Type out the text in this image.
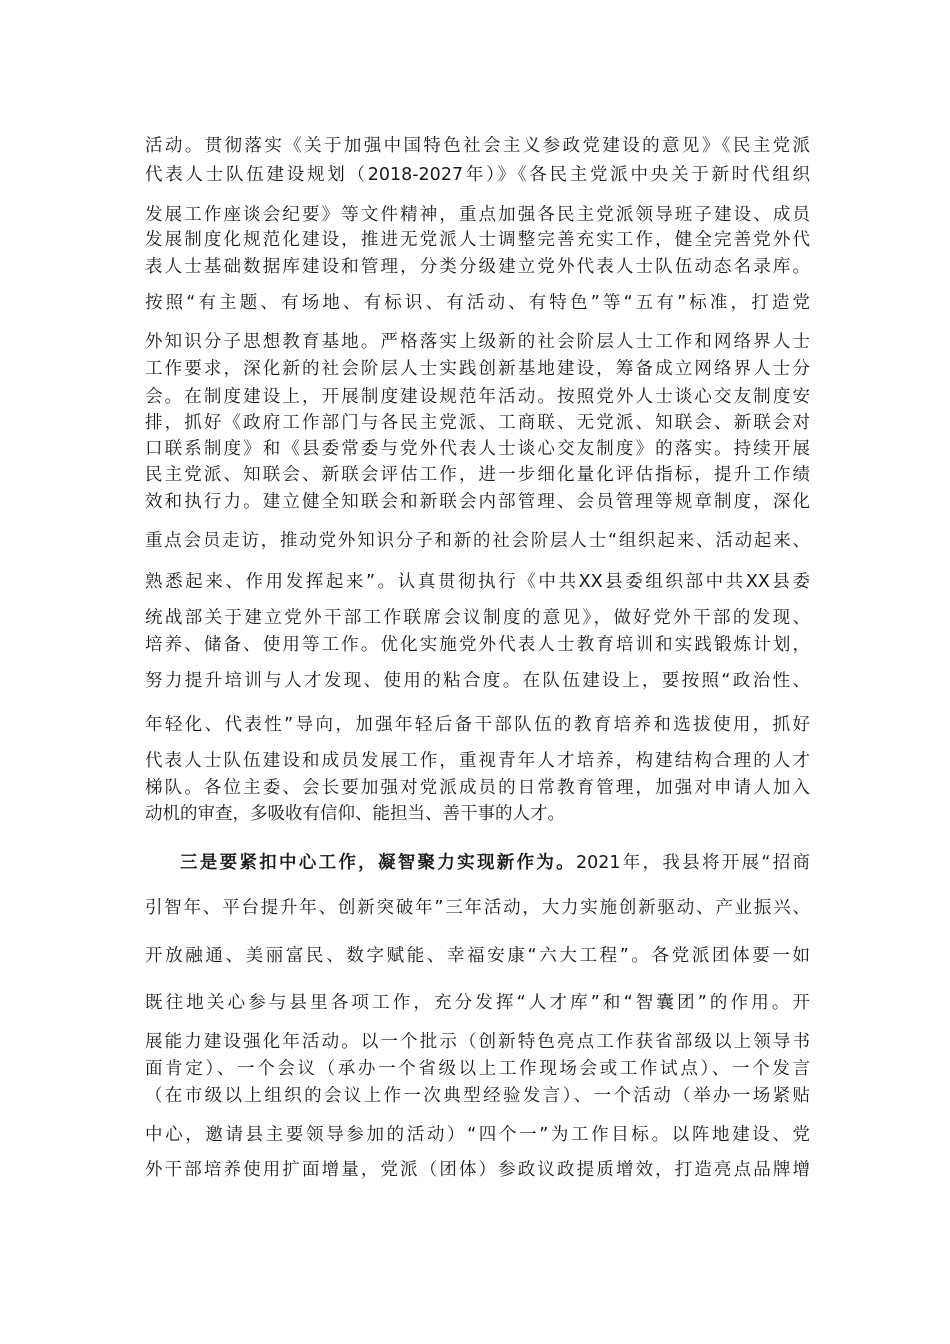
活动。贯彻落实《关于加强中国特色社会主义参政党建设的意见》《民主党派
代表人士队伍建设规划（2018-2027年）》《各民主党派中央关于新时代组织
发展工作座谈会纪要》等文件精神，重点加强各民主党派领导班子建设、成员
发展制度化规范化建设，推进无党派人士调整完善充实工作，健全完善党外代
表人士基础数据库建设和管理，分类分级建立党外代表人士队伍动态名录库。
按照“有主题、有场地、有标识、有活动、有特色”等“五有”标准，打造党
外知识分子思想教育基地。严格落实上级新的社会阶层人士工作和网络界人士
工作要求，深化新的社会阶层人士实践创新基地建设，筹备成立网络界人士分
会。在制度建设上，开展制度建设规范年活动。按照党外人士谈心交友制度安
排，抓好《政府工作部门与各民主党派、工商联、无党派、知联会、新联会对
口联系制度》和《县委常委与党外代表人士谈心交友制度》的落实。持续开展
民主党派、知联会、新联会评估工作，进一步细化量化评估指标，提升工作绩
效和执行力。建立健全知联会和新联会内部管理、会员管理等规章制度，深化
重点会员走访，推动党外知识分子和新的社会阶层人士“组织起来、活动起来、
熟悉起来、作用发挥起来”。认真贯彻执行《中共XX县委组织部中共XX县委
统战部关于建立党外干部工作联席会议制度的意见》，做好党外干部的发现、
培养、储备、使用等工作。优化实施党外代表人士教育培训和实践锻炼计划，
努力提升培训与人才发现、使用的粘合度。在队伍建设上，要按照“政治性、
年轻化、代表性”导向，加强年轻后备干部队伍的教育培养和选拔使用，抓好
代表人士队伍建设和成员发展工作，重视青年人才培养，构建结构合理的人才
梯队。各位主委、会长要加强对党派成员的日常教育管理，加强对申请人加入
动机的审查，多吸收有信仰、能担当、善干事的人才。
三是要紧扣中心工作，凝智聚力实现新作为。2021年，我县将开展“招商
引智年、平台提升年、创新突破年”三年活动，大力实施创新驱动、产业振兴、
开放融通、美丽富民、数字赋能、幸福安康“六大工程”。各党派团体要一如
既往地关心参与县里各项工作，充分发挥“人才库”和“智囊团”的作用。开
展能力建设强化年活动。以一个批示（创新特色亮点工作获省部级以上领导书
面肯定）、一个会议（承办一个省级以上工作现场会或工作试点）、一个发言
（在市级以上组织的会议上作一次典型经验发言）、一个活动（举办一场紧贴
中心，邀请县主要领导参加的活动）“四个一”为工作目标。以阵地建设、党
外干部培养使用扩面增量，党派（团体）参政议政提质增效，打造亮点品牌增
